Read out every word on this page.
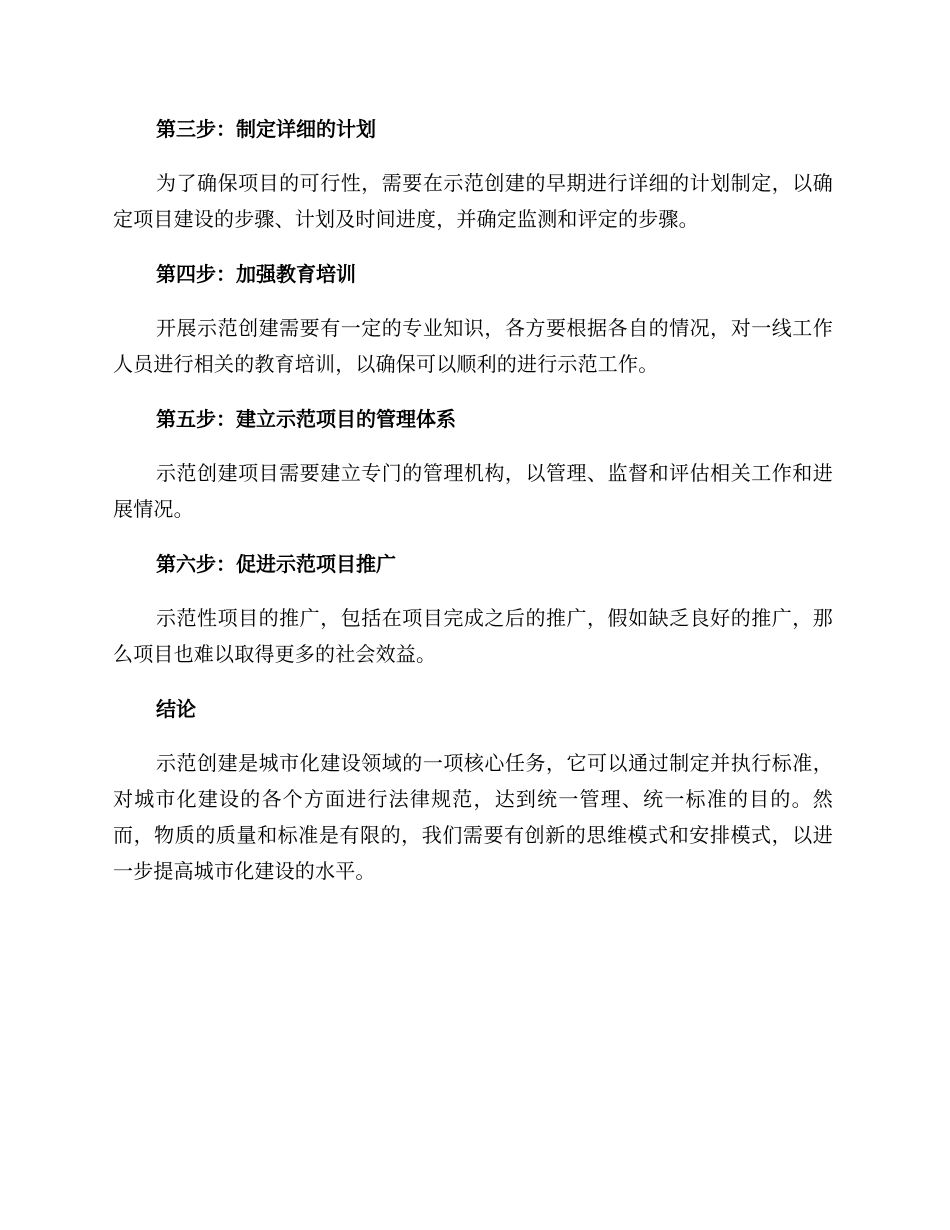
第三步：制定详细的计划
为了确保项目的可行性，需要在示范创建的早期进行详细的计划制定，以确定项目建设的步骤、计划及时间进度，并确定监测和评定的步骤。
第四步：加强教育培训
开展示范创建需要有一定的专业知识，各方要根据各自的情况，对一线工作人员进行相关的教育培训，以确保可以顺利的进行示范工作。
第五步：建立示范项目的管理体系
示范创建项目需要建立专门的管理机构，以管理、监督和评估相关工作和进展情况。
第六步：促进示范项目推广
示范性项目的推广，包括在项目完成之后的推广，假如缺乏良好的推广，那么项目也难以取得更多的社会效益。
结论
示范创建是城市化建设领域的一项核心任务，它可以通过制定并执行标准，对城市化建设的各个方面进行法律规范，达到统一管理、统一标准的目的。然而，物质的质量和标准是有限的，我们需要有创新的思维模式和安排模式，以进一步提高城市化建设的水平。
